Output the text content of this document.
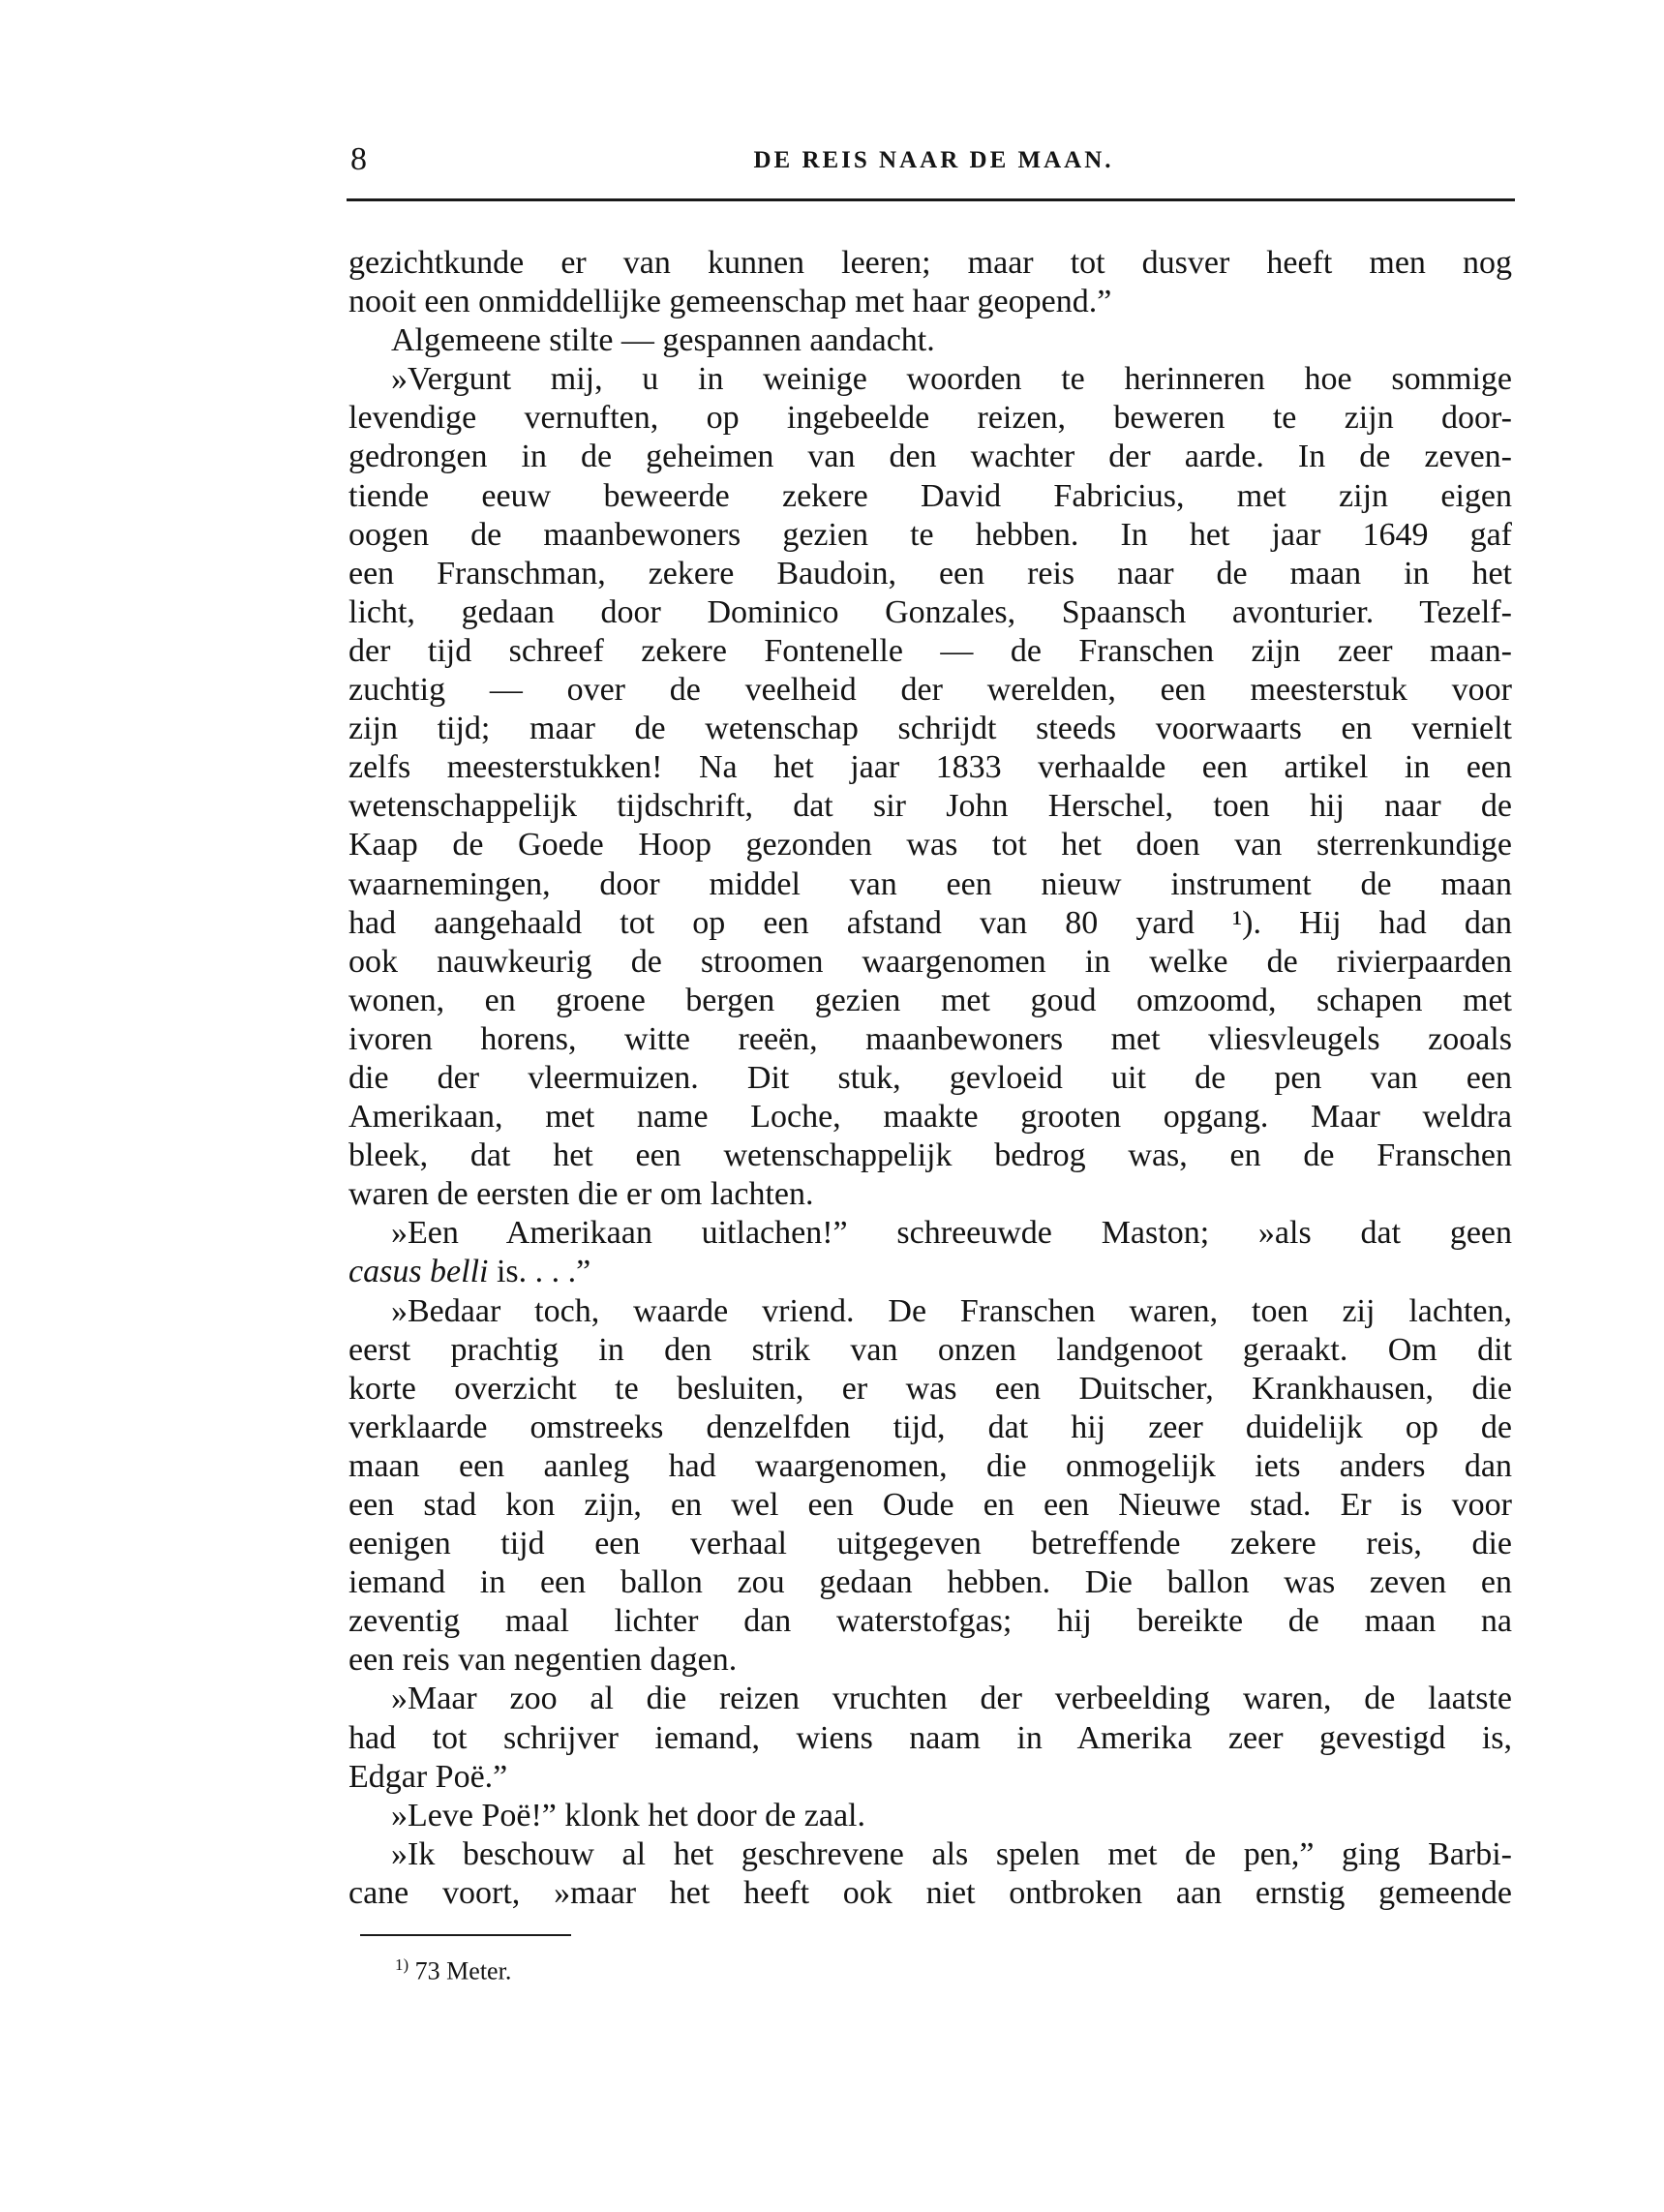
8	DE REIS NAAR DE MAAN.
gezichtkunde er van kunnen leeren; maar tot dusver heeft men nog
nooit een onmiddellijke gemeenschap met haar geopend.”
Algemeene stilte — gespannen aandacht.
»Vergunt mij, u in weinige woorden te herinneren hoe sommige
levendige vernuften, op ingebeelde reizen, beweren te zijn door-
gedrongen in de geheimen van den wachter der aarde. In de zeven-
tiende eeuw beweerde zekere David Fabricius, met zijn eigen
oogen de maanbewoners gezien te hebben. In het jaar 1649 gaf
een Franschman, zekere Baudoin, een reis naar de maan in het
licht, gedaan door Dominico Gonzales, Spaansch avonturier. Tezelf-
der tijd schreef zekere Fontenelle — de Franschen zijn zeer maan-
zuchtig — over de veelheid der werelden, een meesterstuk voor
zijn tijd; maar de wetenschap schrijdt steeds voorwaarts en vernielt
zelfs meesterstukken! Na het jaar 1833 verhaalde een artikel in een
wetenschappelijk tijdschrift, dat sir John Herschel, toen hij naar de
Kaap de Goede Hoop gezonden was tot het doen van sterrenkundige
waarnemingen, door middel van een nieuw instrument de maan
had aangehaald tot op een afstand van 80 yard ¹). Hij had dan
ook nauwkeurig de stroomen waargenomen in welke de rivierpaarden
wonen, en groene bergen gezien met goud omzoomd, schapen met
ivoren horens, witte reeën, maanbewoners met vliesvleugels zooals
die der vleermuizen. Dit stuk, gevloeid uit de pen van een
Amerikaan, met name Loche, maakte grooten opgang. Maar weldra
bleek, dat het een wetenschappelijk bedrog was, en de Franschen
waren de eersten die er om lachten.
»Een Amerikaan uitlachen!” schreeuwde Maston; »als dat geen
casus belli is. . . .”
»Bedaar toch, waarde vriend. De Franschen waren, toen zij lachten,
eerst prachtig in den strik van onzen landgenoot geraakt. Om dit
korte overzicht te besluiten, er was een Duitscher, Krankhausen, die
verklaarde omstreeks denzelfden tijd, dat hij zeer duidelijk op de
maan een aanleg had waargenomen, die onmogelijk iets anders dan
een stad kon zijn, en wel een Oude en een Nieuwe stad. Er is voor
eenigen tijd een verhaal uitgegeven betreffende zekere reis, die
iemand in een ballon zou gedaan hebben. Die ballon was zeven en
zeventig maal lichter dan waterstofgas; hij bereikte de maan na
een reis van negentien dagen.
»Maar zoo al die reizen vruchten der verbeelding waren, de laatste
had tot schrijver iemand, wiens naam in Amerika zeer gevestigd is,
Edgar Poë.”
»Leve Poë!” klonk het door de zaal.
»Ik beschouw al het geschrevene als spelen met de pen,” ging Barbi-
cane voort, »maar het heeft ook niet ontbroken aan ernstig gemeende
$^{1)}$ 73 Meter.
